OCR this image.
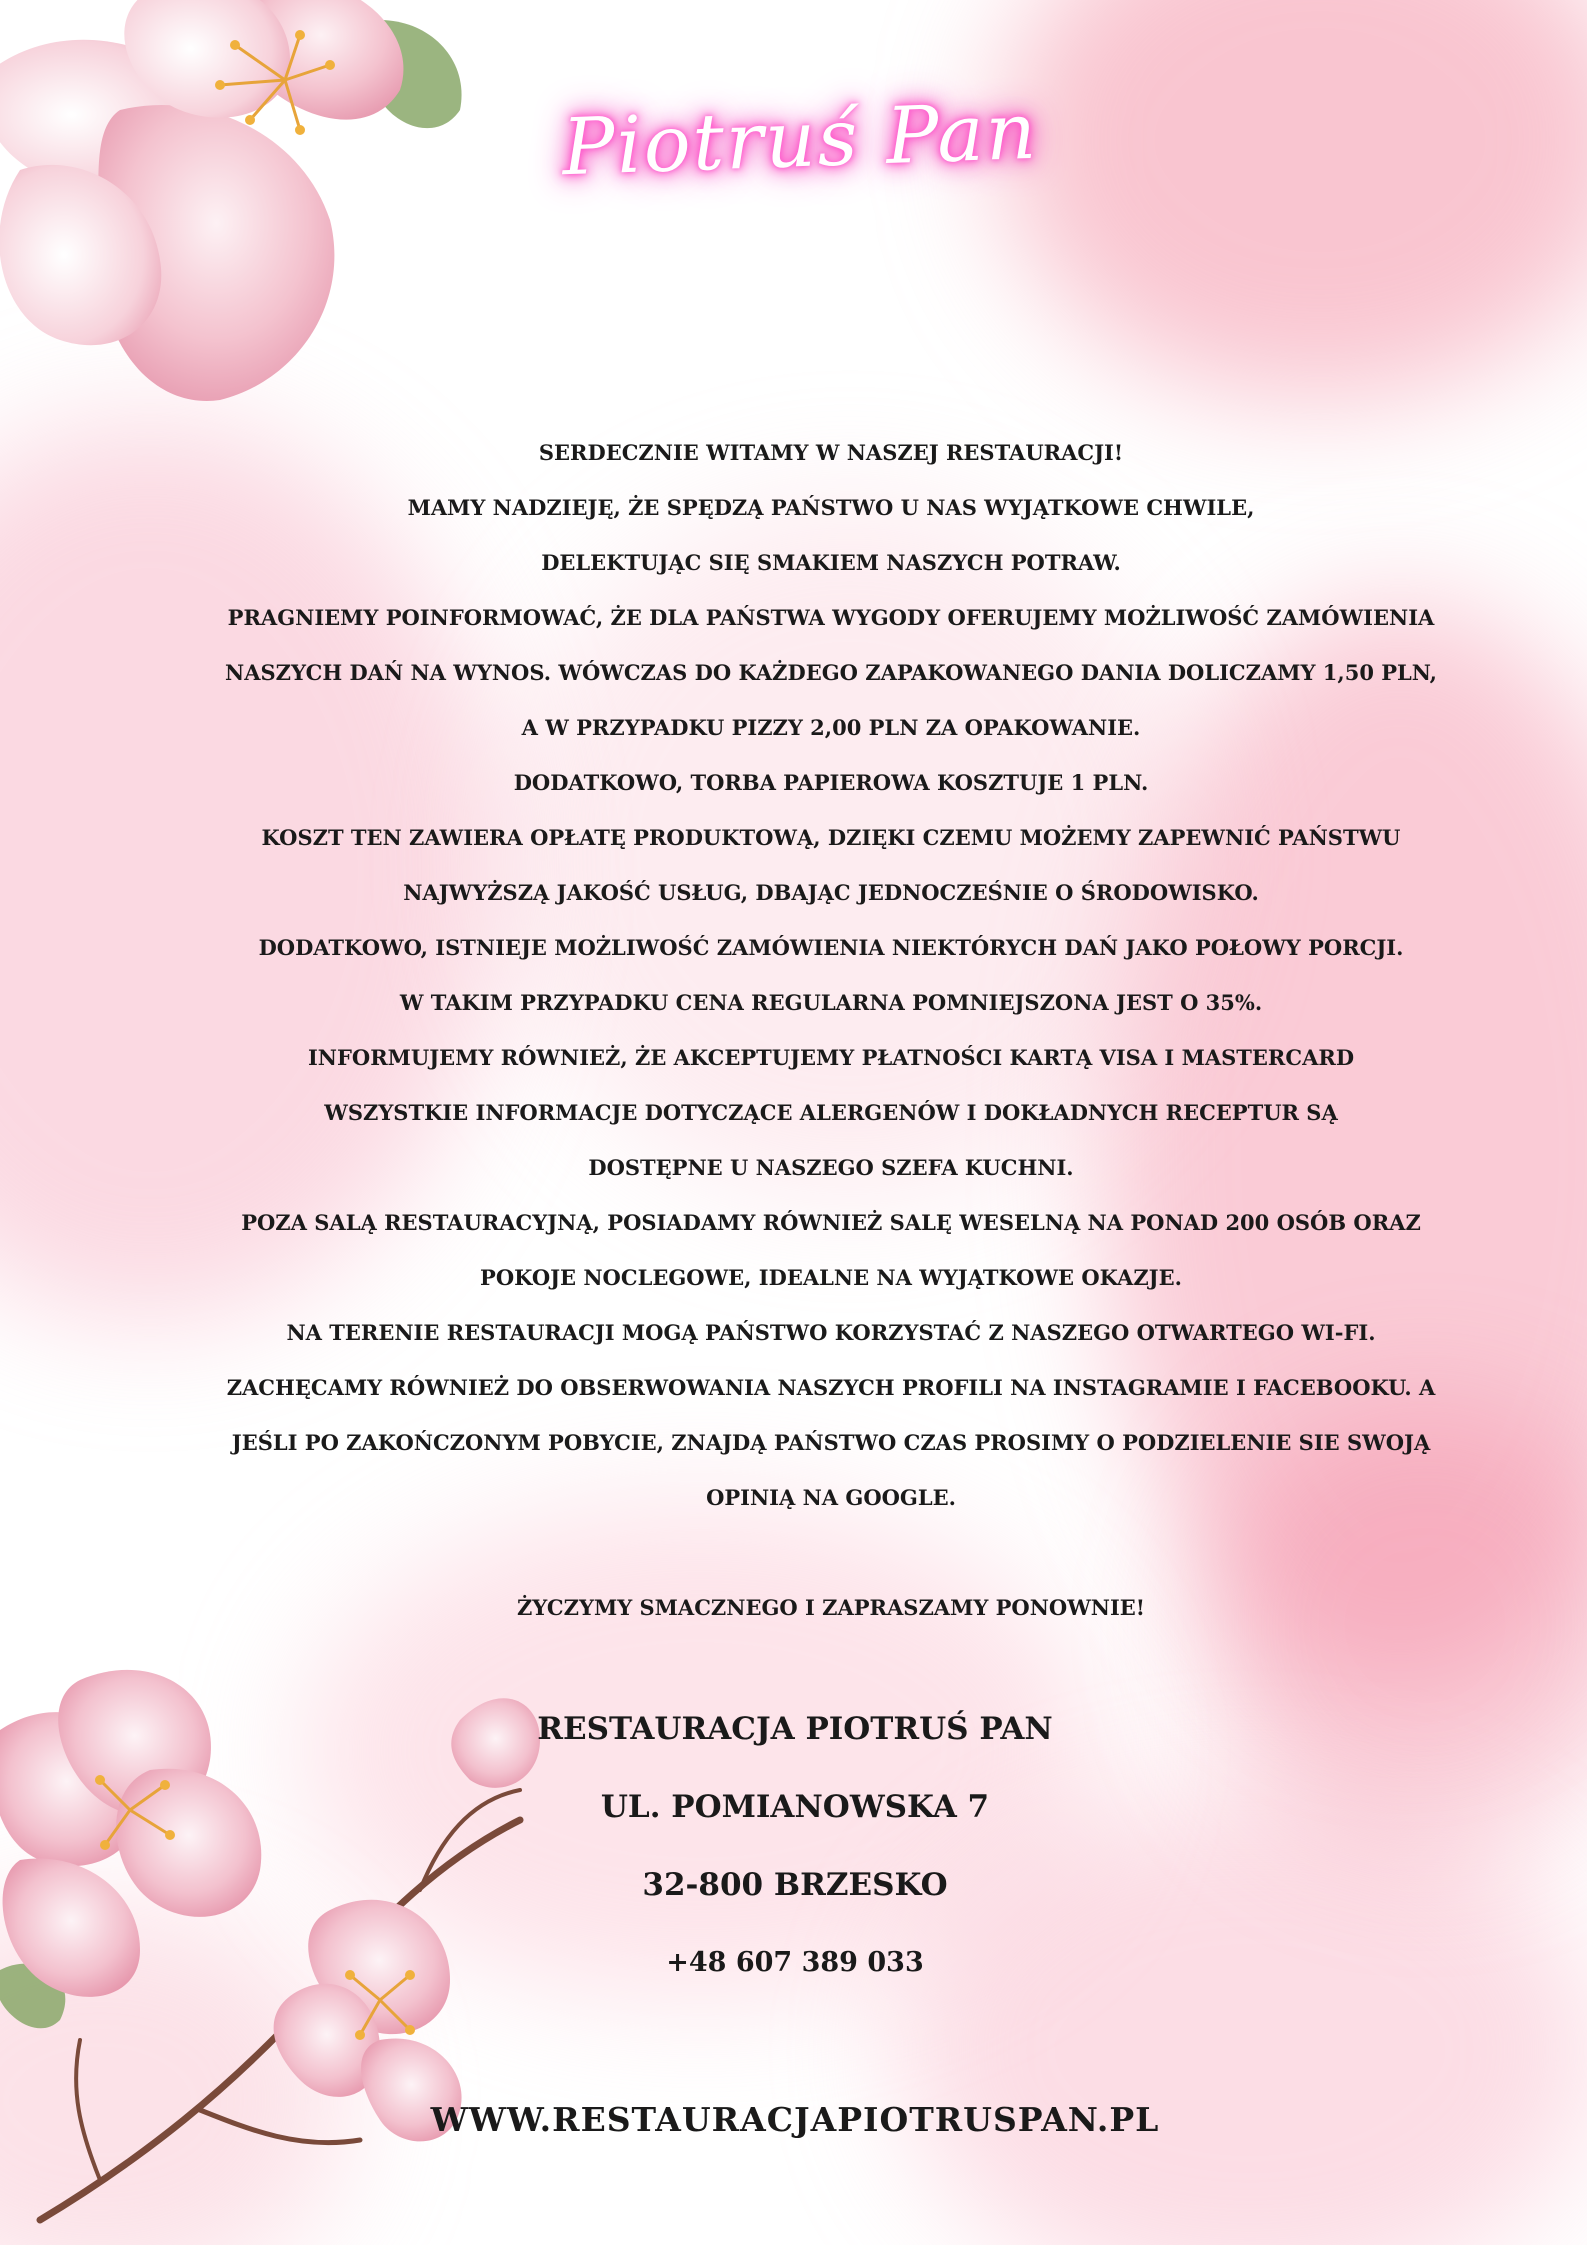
Piotruś Pan

SERDECZNIE WITAMY W NASZEJ RESTAURACJI!

MAMY NADZIEJĘ, ŻE SPĘDZĄ PAŃSTWO U NAS WYJĄTKOWE CHWILE,

DELEKTUJĄC SIĘ SMAKIEM NASZYCH POTRAW.

PRAGNIEMY POINFORMOWAĆ, ŻE DLA PAŃSTWA WYGODY OFERUJEMY MOŻLIWOŚĆ ZAMÓWIENIA

NASZYCH DAŃ NA WYNOS. WÓWCZAS DO KAŻDEGO ZAPAKOWANEGO DANIA DOLICZAMY 1,50 PLN,

A W PRZYPADKU PIZZY 2,00 PLN ZA OPAKOWANIE.

DODATKOWO, TORBA PAPIEROWA KOSZTUJE 1 PLN.

KOSZT TEN ZAWIERA OPŁATĘ PRODUKTOWĄ, DZIĘKI CZEMU MOŻEMY ZAPEWNIĆ PAŃSTWU

NAJWYŻSZĄ JAKOŚĆ USŁUG, DBAJĄC JEDNOCZEŚNIE O ŚRODOWISKO.

DODATKOWO, ISTNIEJE MOŻLIWOŚĆ ZAMÓWIENIA NIEKTÓRYCH DAŃ JAKO POŁOWY PORCJI.

W TAKIM PRZYPADKU CENA REGULARNA POMNIEJSZONA JEST O 35%.

INFORMUJEMY RÓWNIEŻ, ŻE AKCEPTUJEMY PŁATNOŚCI KARTĄ VISA I MASTERCARD

WSZYSTKIE INFORMACJE DOTYCZĄCE ALERGENÓW I DOKŁADNYCH RECEPTUR SĄ

DOSTĘPNE U NASZEGO SZEFA KUCHNI.

POZA SALĄ RESTAURACYJNĄ, POSIADAMY RÓWNIEŻ SALĘ WESELNĄ NA PONAD 200 OSÓB ORAZ

POKOJE NOCLEGOWE, IDEALNE NA WYJĄTKOWE OKAZJE.

NA TERENIE RESTAURACJI MOGĄ PAŃSTWO KORZYSTAĆ Z NASZEGO OTWARTEGO WI-FI.

ZACHĘCAMY RÓWNIEŻ DO OBSERWOWANIA NASZYCH PROFILI NA INSTAGRAMIE I FACEBOOKU. A

JEŚLI PO ZAKOŃCZONYM POBYCIE, ZNAJDĄ PAŃSTWO CZAS PROSIMY O PODZIELENIE SIE SWOJĄ

OPINIĄ NA GOOGLE.

ŻYCZYMY SMACZNEGO I ZAPRASZAMY PONOWNIE!

RESTAURACJA PIOTRUŚ PAN
UL. POMIANOWSKA 7
32-800 BRZESKO
+48 607 389 033
WWW.RESTAURACJAPIOTRUSPAN.PL
